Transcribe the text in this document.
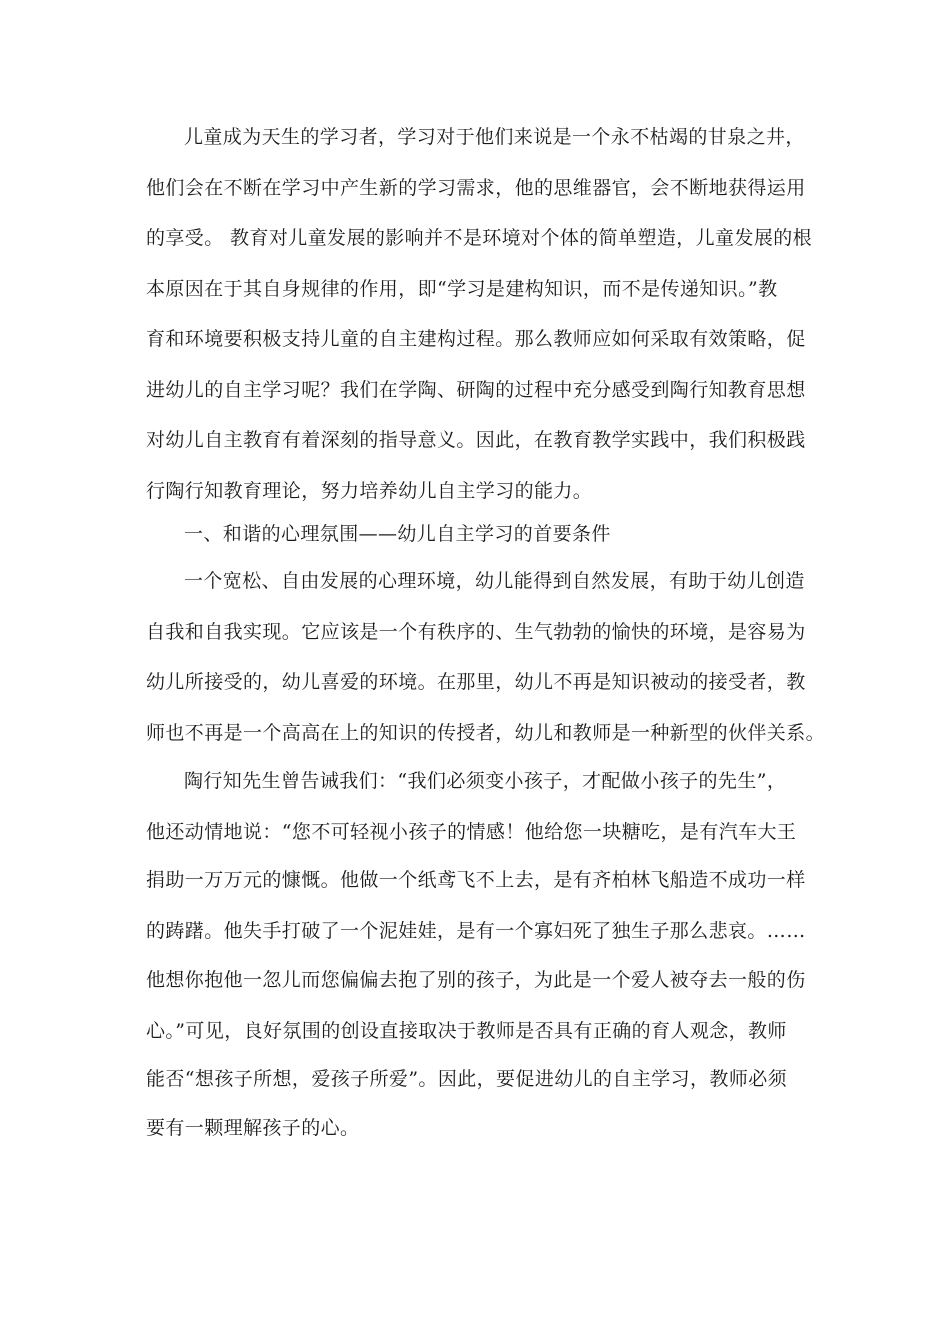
儿童成为天生的学习者，学习对于他们来说是一个永不枯竭的甘泉之井，
他们会在不断在学习中产生新的学习需求，他的思维器官，会不断地获得运用
的享受。 教育对儿童发展的影响并不是环境对个体的简单塑造，儿童发展的根
本原因在于其自身规律的作用，即“学习是建构知识，而不是传递知识。”教
育和环境要积极支持儿童的自主建构过程。那么教师应如何采取有效策略，促
进幼儿的自主学习呢？我们在学陶、研陶的过程中充分感受到陶行知教育思想
对幼儿自主教育有着深刻的指导意义。因此，在教育教学实践中，我们积极践
行陶行知教育理论，努力培养幼儿自主学习的能力。
一、和谐的心理氛围——幼儿自主学习的首要条件
一个宽松、自由发展的心理环境，幼儿能得到自然发展，有助于幼儿创造
自我和自我实现。它应该是一个有秩序的、生气勃勃的愉快的环境，是容易为
幼儿所接受的，幼儿喜爱的环境。在那里，幼儿不再是知识被动的接受者，教
师也不再是一个高高在上的知识的传授者，幼儿和教师是一种新型的伙伴关系。
陶行知先生曾告诫我们：“我们必须变小孩子，才配做小孩子的先生”，
他还动情地说：“您不可轻视小孩子的情感！他给您一块糖吃，是有汽车大王
捐助一万万元的慷慨。他做一个纸鸢飞不上去，是有齐柏林飞船造不成功一样
的踌躇。他失手打破了一个泥娃娃，是有一个寡妇死了独生子那么悲哀。……
他想你抱他一忽儿而您偏偏去抱了别的孩子，为此是一个爱人被夺去一般的伤
心。”可见，良好氛围的创设直接取决于教师是否具有正确的育人观念，教师
能否“想孩子所想，爱孩子所爱”。因此，要促进幼儿的自主学习，教师必须
要有一颗理解孩子的心。
